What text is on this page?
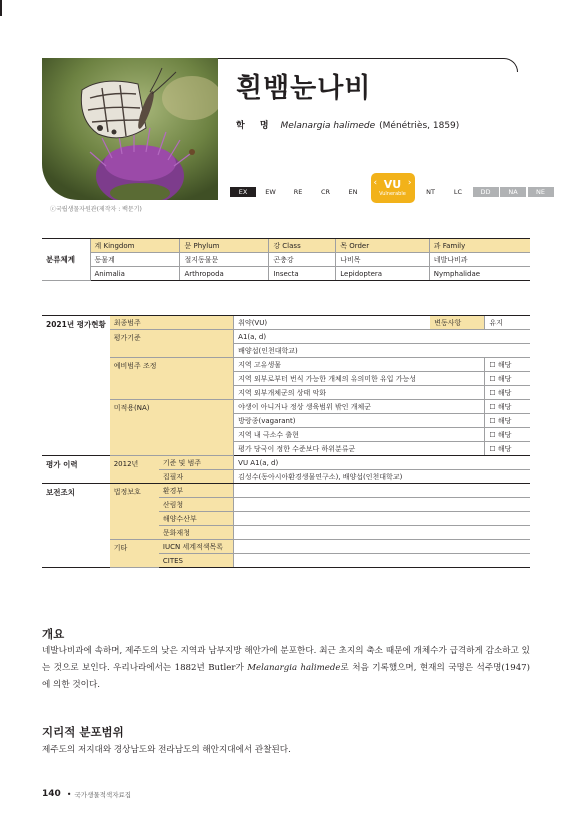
ⓒ국립생물자원관(제작자 : 백문기)
흰뱀눈나비
학 명 Melanargia halimede (Ménétriès, 1859)
EX	EW	RE	CR	EN
‹ VU
Vulnerable
›
NT	LC	DD	NA	NE
분류체계	계 Kingdom	문 Phylum	강 Class	목 Order	과 Family
	동물계	절지동물문	곤충강	나비목	네발나비과
	Animalia	Arthropoda	Insecta	Lepidoptera	Nymphalidae
2021년 평가현황	최종범주		취약(VU)	변동사항	유지
	평가기준		A1(a, d)		
			배양섭(인천대학교)		
	예비범주 조정		지역 고유생물		☐ 해당
			지역 외부로부터 번식 가능한 개체의 유의미한 유입 가능성		☐ 해당
			지역 외부개체군의 상태 악화		☐ 해당
	미적용(NA)		야생이 아니거나 정상 생육범위 밖인 개체군		☐ 해당
			방랑종(vagarant)		☐ 해당
			지역 내 극소수 출현		☐ 해당
			평가 당국이 정한 수준보다 하위분류군		☐ 해당
평가 이력	2012년	기준 및 범주	VU A1(a, d)		
		집필자	김성수(동아시아환경생물연구소), 배양섭(인천대학교)		
보전조치	법정보호	환경부			
		산림청			
		해양수산부			
		문화재청			
	기타	IUCN 세계적색목록			
		CITES			
개요
네발나비과에 속하며, 제주도의 낮은 지역과 남부지방 해안가에 분포한다. 최근 초지의 축소 때문에 개체수가 급격하게 감소하고 있는 것으로 보인다. 우리나라에서는 1882년 Butler가 Melanargia halimede로 처음 기록했으며, 현재의 국명은 석주명(1947)에 의한 것이다.
지리적 분포범위
제주도의 저지대와 경상남도와 전라남도의 해안지대에서 관찰된다.
140 • 국가생물적색자료집
